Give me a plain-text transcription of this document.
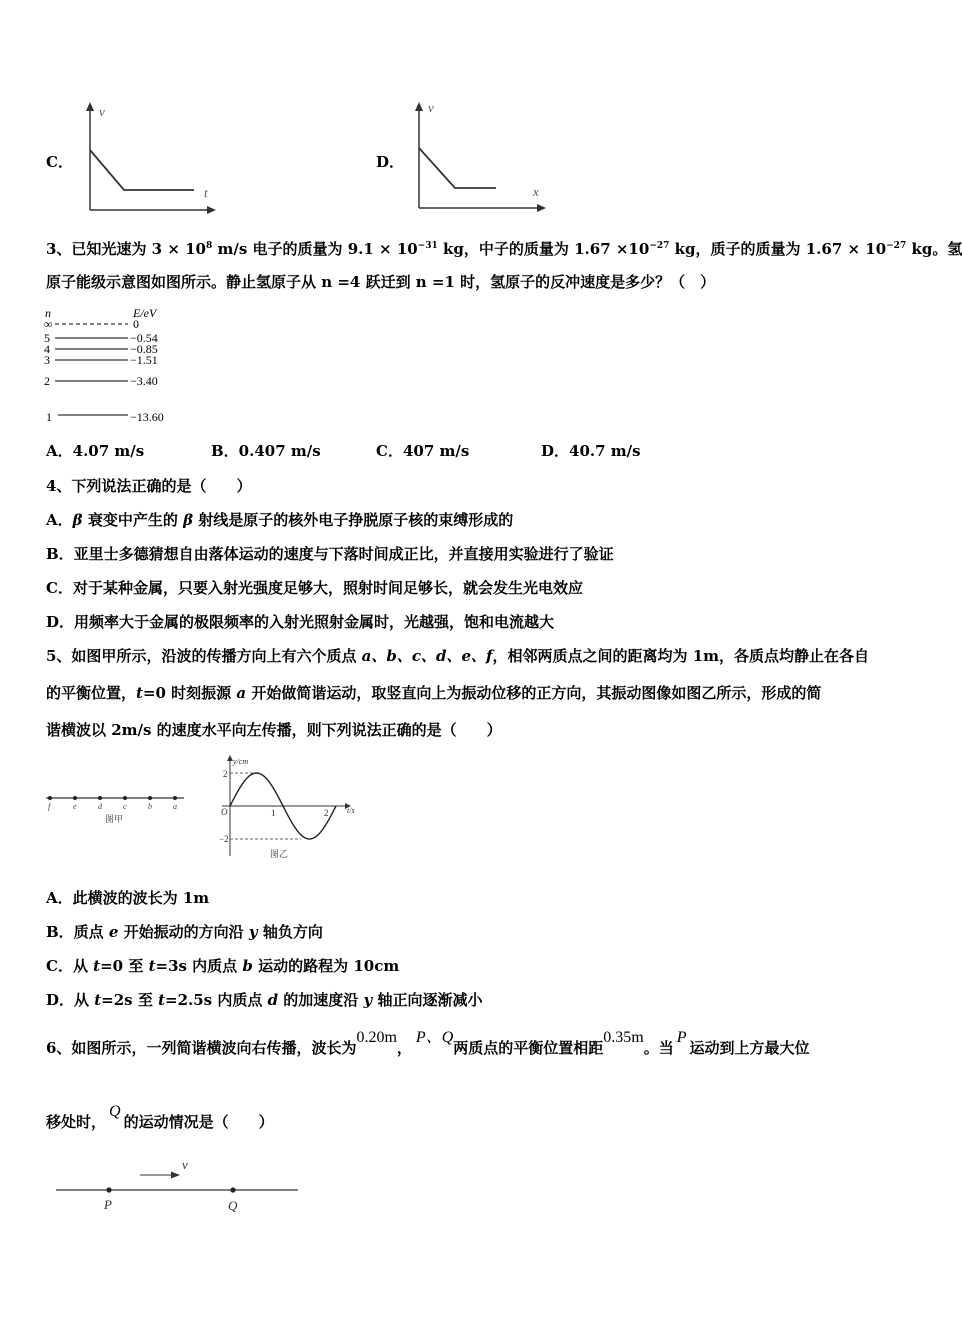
C．
v
t
D．
v
x
3、已知光速为 $3 \times 10^8$ m/s 电子的质量为 $9.1 \times 10^{-31}$ kg，中子的质量为 $1.67 \times 10^{-27}$ kg，质子的质量为 $1.67 \times 10^{-27}$ kg。氢
原子能级示意图如图所示。静止氢原子从 n =4 跃迁到 n =1 时，氢原子的反冲速度是多少？（　）
n	E/eV
∞	0
5	−0.54
4	−0.85
3	−1.51
2	−3.40
1	−13.60
A．4.07 m/s	B．0.407 m/s	C．407 m/s	D．40.7 m/s
4、下列说法正确的是（　　）
A．β 衰变中产生的 β 射线是原子的核外电子挣脱原子核的束缚形成的
B．亚里士多德猜想自由落体运动的速度与下落时间成正比，并直接用实验进行了验证
C．对于某种金属，只要入射光强度足够大，照射时间足够长，就会发生光电效应
D．用频率大于金属的极限频率的入射光照射金属时，光越强，饱和电流越大
5、如图甲所示，沿波的传播方向上有六个质点 a、b、c、d、e、f，相邻两质点之间的距离均为 1m，各质点均静止在各自
的平衡位置，t=0 时刻振源 a 开始做简谐运动，取竖直向上为振动位移的正方向，其振动图像如图乙所示，形成的简
谐横波以 2m/s 的速度水平向左传播，则下列说法正确的是（　　）
f	e	d	c	b	a
图甲
y/cm
t/s
O
2
−2
1	2
图乙
A．此横波的波长为 1m
B．质点 e 开始振动的方向沿 y 轴负方向
C．从 t=0 至 t=3s 内质点 b 运动的路程为 10cm
D．从 t=2s 至 t=2.5s 内质点 d 的加速度沿 y 轴正向逐渐减小
6、如图所示，一列简谐横波向右传播，波长为0.20m，P、Q两质点的平衡位置相距0.35m。当P运动到上方最大位
移处时，Q的运动情况是（　　）
v
P	Q
